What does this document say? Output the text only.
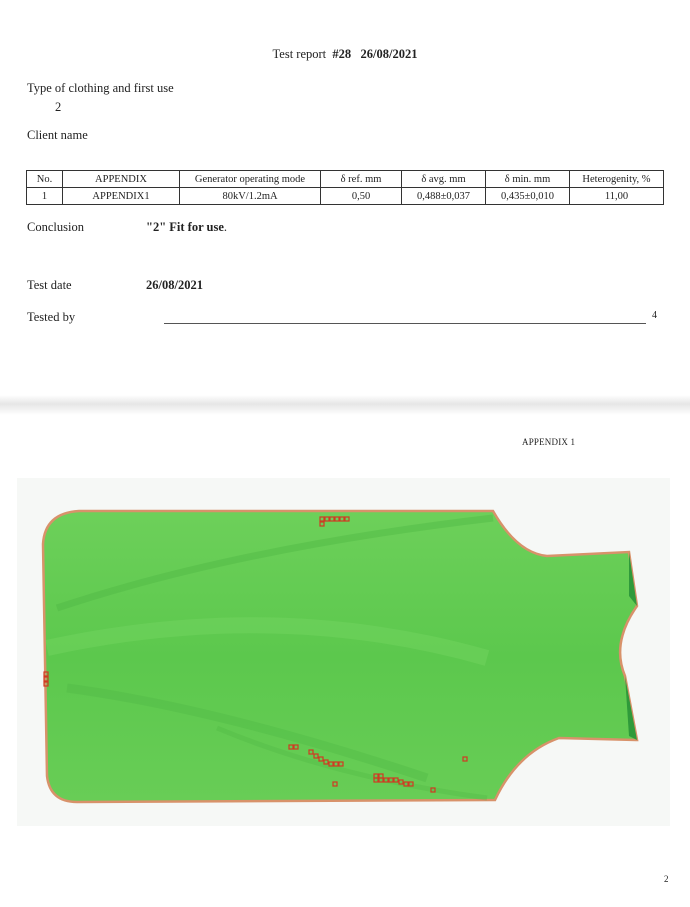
Test report #28 26/08/2021
Type of clothing and first use
2
Client name
No.	APPENDIX	Generator operating mode	δ ref. mm	δ avg. mm	δ min. mm	Heterogenity, %
1	APPENDIX1	80kV/1.2mA	0,50	0,488±0,037	0,435±0,010	11,00
Conclusion	"2" Fit for use.
Test date	26/08/2021
Tested by	4
APPENDIX 1
2
